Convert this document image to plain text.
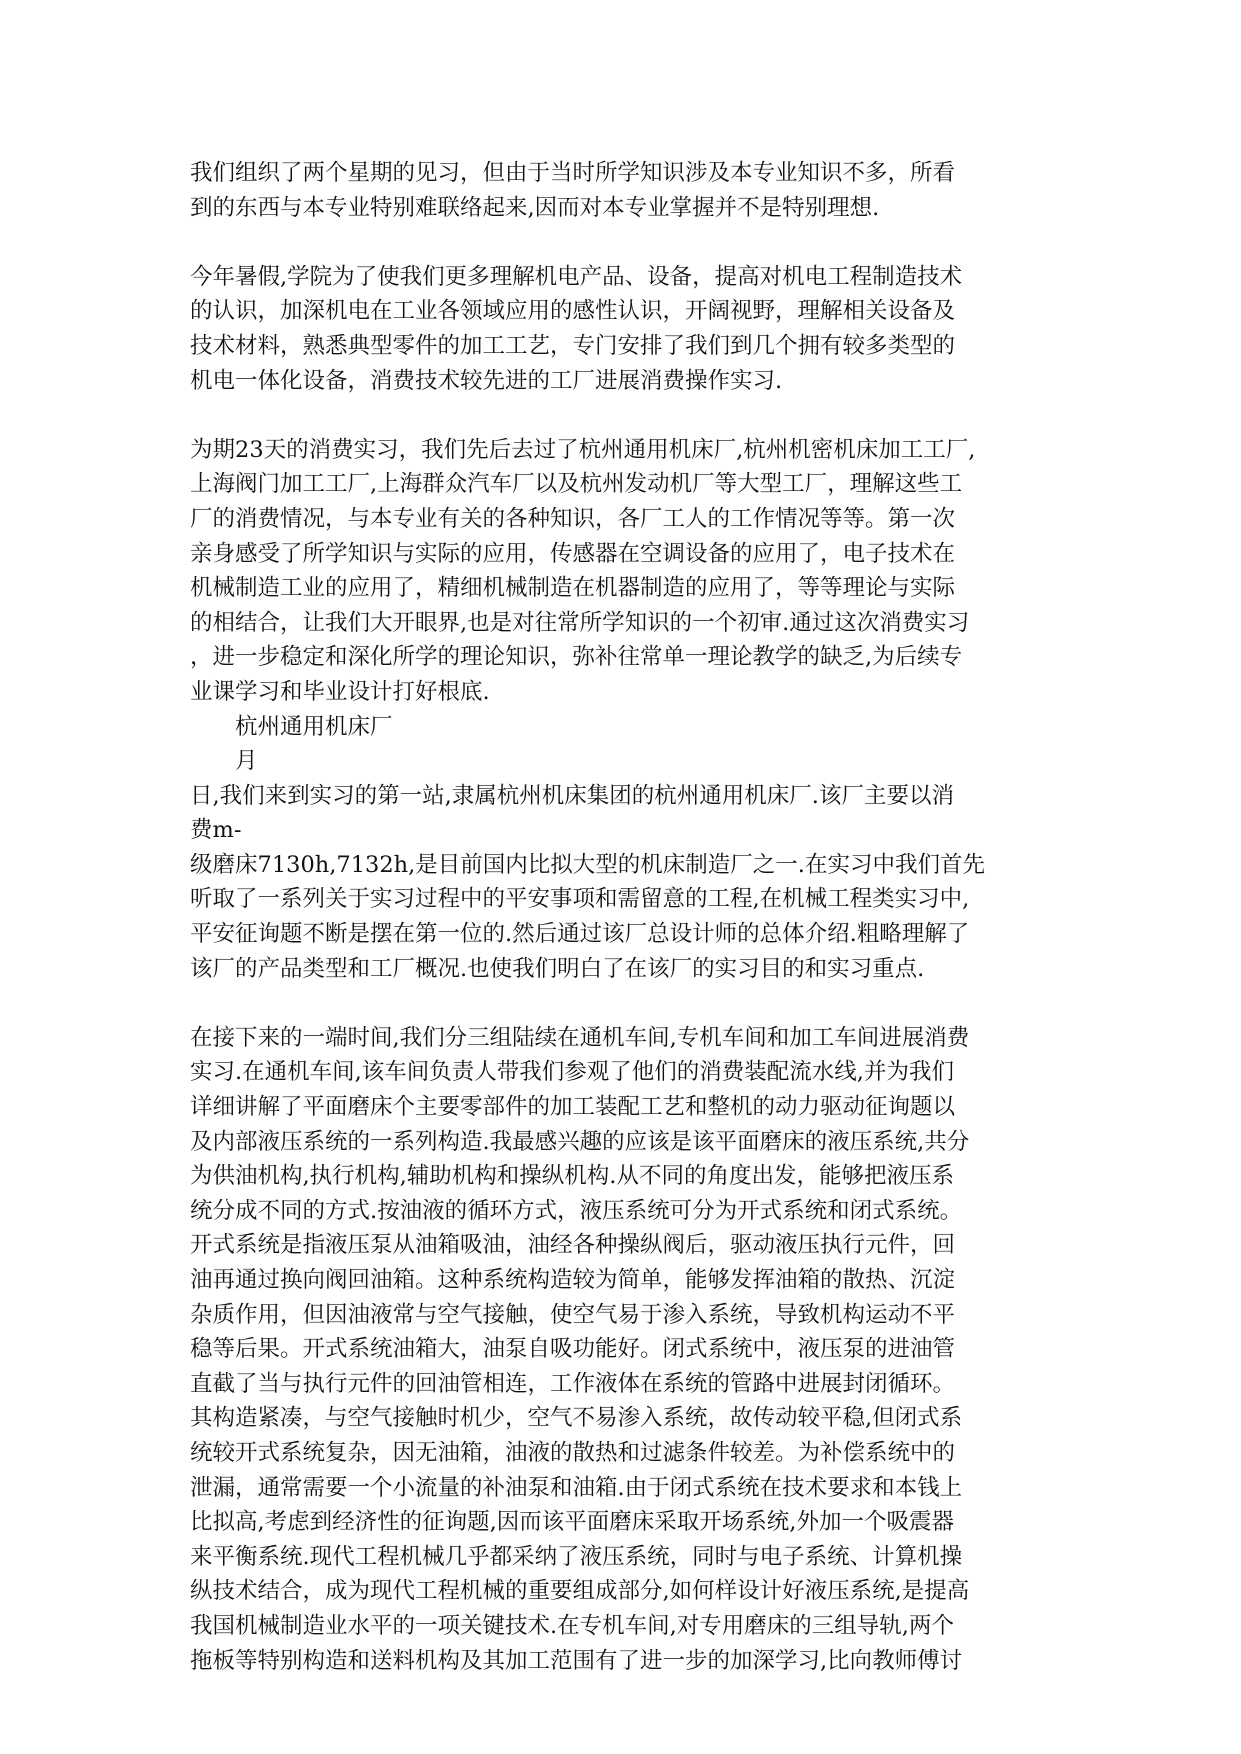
我们组织了两个星期的见习，但由于当时所学知识涉及本专业知识不多，所看
到的东西与本专业特别难联络起来,因而对本专业掌握并不是特别理想.
今年暑假,学院为了使我们更多理解机电产品、设备，提高对机电工程制造技术
的认识，加深机电在工业各领域应用的感性认识，开阔视野，理解相关设备及
技术材料，熟悉典型零件的加工工艺，专门安排了我们到几个拥有较多类型的
机电一体化设备，消费技术较先进的工厂进展消费操作实习.
为期23天的消费实习，我们先后去过了杭州通用机床厂,杭州机密机床加工工厂,
上海阀门加工工厂,上海群众汽车厂以及杭州发动机厂等大型工厂，理解这些工
厂的消费情况，与本专业有关的各种知识，各厂工人的工作情况等等。第一次
亲身感受了所学知识与实际的应用，传感器在空调设备的应用了，电子技术在
机械制造工业的应用了，精细机械制造在机器制造的应用了，等等理论与实际
的相结合，让我们大开眼界,也是对往常所学知识的一个初审.通过这次消费实习
，进一步稳定和深化所学的理论知识，弥补往常单一理论教学的缺乏,为后续专
业课学习和毕业设计打好根底.
杭州通用机床厂
月
日,我们来到实习的第一站,隶属杭州机床集团的杭州通用机床厂.该厂主要以消
费m-
级磨床7130h,7132h,是目前国内比拟大型的机床制造厂之一.在实习中我们首先
听取了一系列关于实习过程中的平安事项和需留意的工程,在机械工程类实习中,
平安征询题不断是摆在第一位的.然后通过该厂总设计师的总体介绍.粗略理解了
该厂的产品类型和工厂概况.也使我们明白了在该厂的实习目的和实习重点.
在接下来的一端时间,我们分三组陆续在通机车间,专机车间和加工车间进展消费
实习.在通机车间,该车间负责人带我们参观了他们的消费装配流水线,并为我们
详细讲解了平面磨床个主要零部件的加工装配工艺和整机的动力驱动征询题以
及内部液压系统的一系列构造.我最感兴趣的应该是该平面磨床的液压系统,共分
为供油机构,执行机构,辅助机构和操纵机构.从不同的角度出发，能够把液压系
统分成不同的方式.按油液的循环方式，液压系统可分为开式系统和闭式系统。
开式系统是指液压泵从油箱吸油，油经各种操纵阀后，驱动液压执行元件，回
油再通过换向阀回油箱。这种系统构造较为简单，能够发挥油箱的散热、沉淀
杂质作用，但因油液常与空气接触，使空气易于渗入系统，导致机构运动不平
稳等后果。开式系统油箱大，油泵自吸功能好。闭式系统中，液压泵的进油管
直截了当与执行元件的回油管相连，工作液体在系统的管路中进展封闭循环。
其构造紧凑，与空气接触时机少，空气不易渗入系统，故传动较平稳,但闭式系
统较开式系统复杂，因无油箱，油液的散热和过滤条件较差。为补偿系统中的
泄漏，通常需要一个小流量的补油泵和油箱.由于闭式系统在技术要求和本钱上
比拟高,考虑到经济性的征询题,因而该平面磨床采取开场系统,外加一个吸震器
来平衡系统.现代工程机械几乎都采纳了液压系统，同时与电子系统、计算机操
纵技术结合，成为现代工程机械的重要组成部分,如何样设计好液压系统,是提高
我国机械制造业水平的一项关键技术.在专机车间,对专用磨床的三组导轨,两个
拖板等特别构造和送料机构及其加工范围有了进一步的加深学习,比向教师傅讨
